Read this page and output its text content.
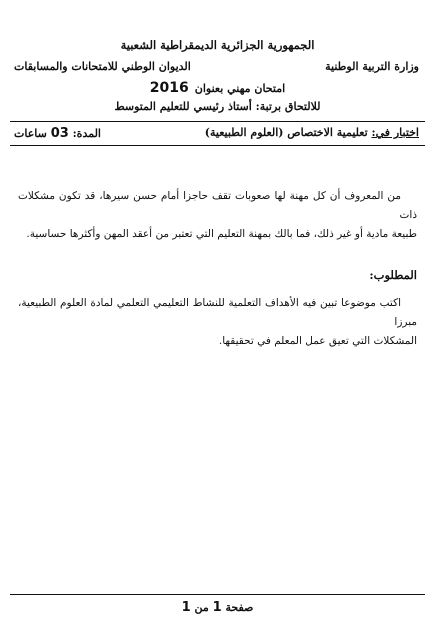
الجمهورية الجزائرية الديمقراطية الشعبية
وزارة التربية الوطنية
الديوان الوطني للامتحانات والمسابقات
امتحان مهني بعنوان2016
للالتحاق برتبة: أستاذ رئيسي للتعليم المتوسط
اختبار في: تعليمية الاختصاص (العلوم الطبيعية)
المدة: 03 ساعات
من المعروف أن كل مهنة لها صعوبات تقف حاجزا أمام حسن سيرها، قد تكون مشكلات ذات
طبيعة مادية أو غير ذلك، فما بالك بمهنة التعليم التي تعتبر من أعقد المهن وأكثرها حساسية.
المطلوب:
اكتب موضوعا تبين فيه الأهداف التعلمية للنشاط التعليمي التعلمي لمادة العلوم الطبيعية، مبرزا
المشكلات التي تعيق عمل المعلم في تحقيقها.
صفحة 1 من 1
